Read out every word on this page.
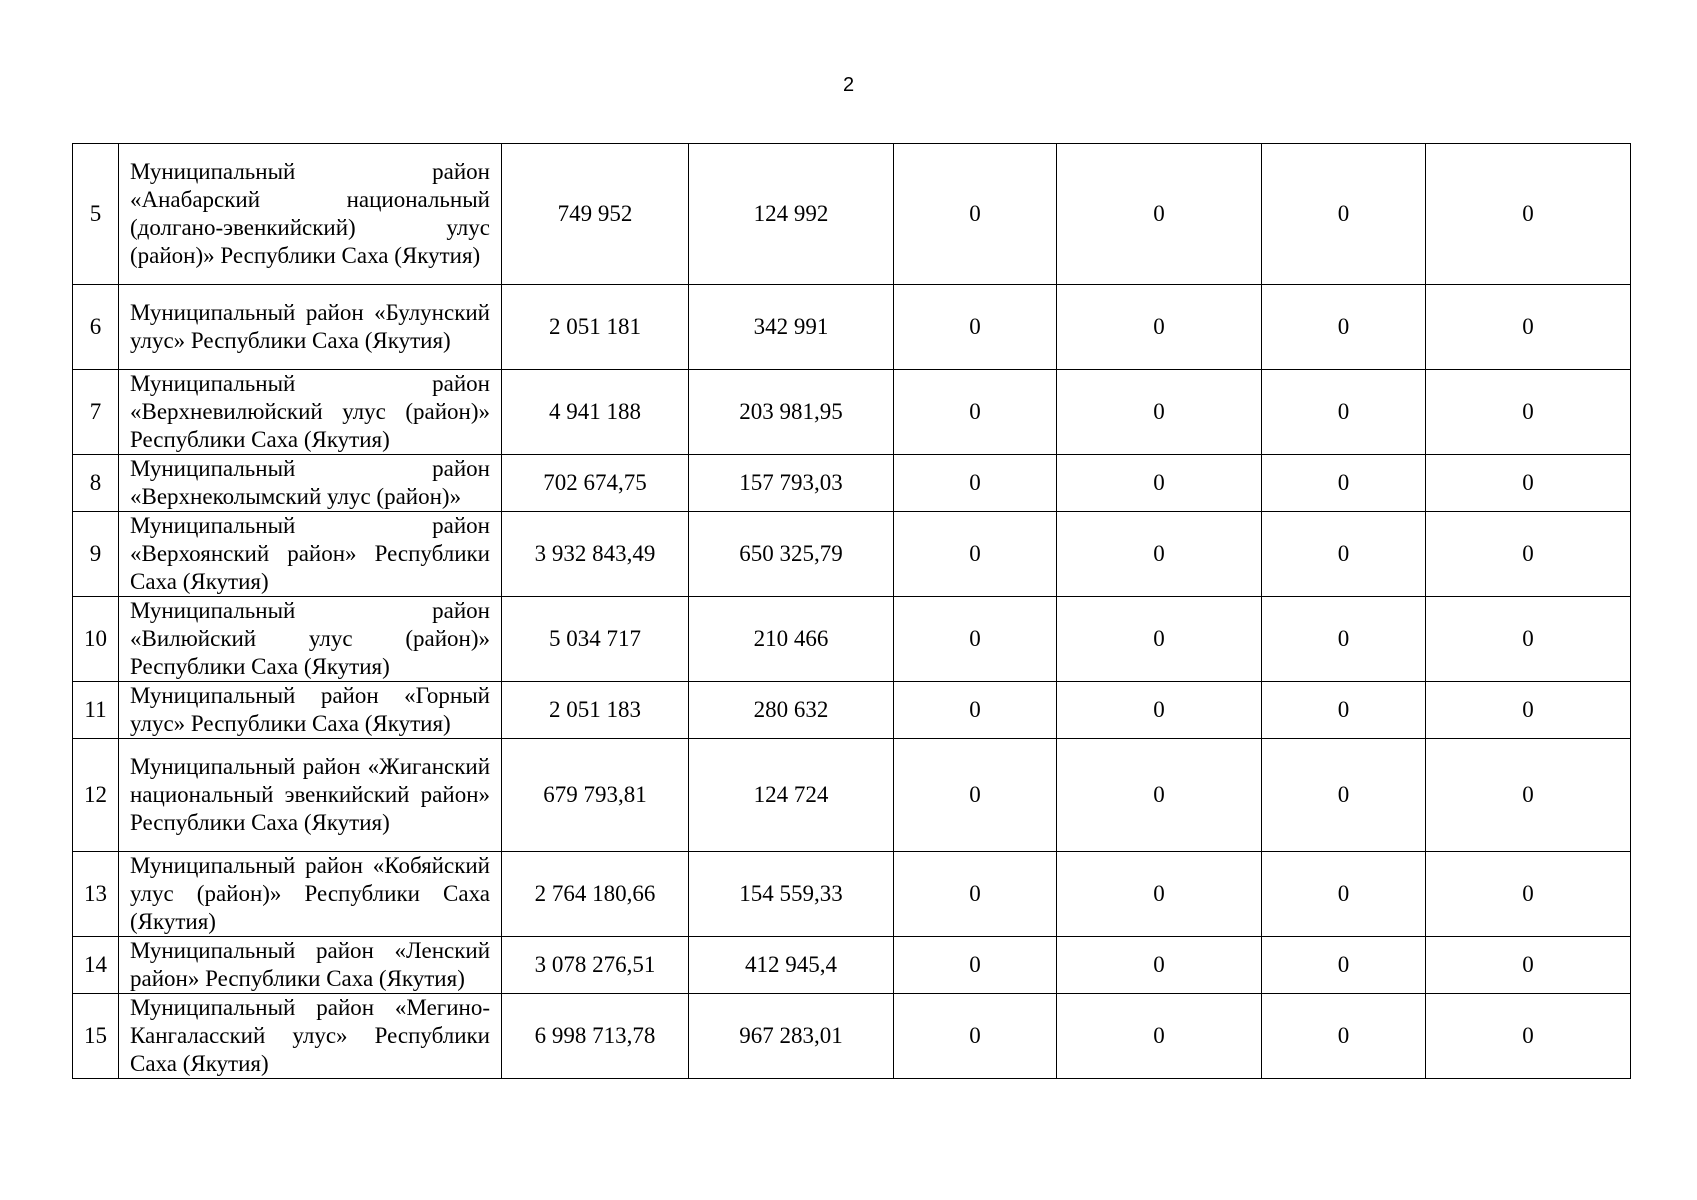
2
5	Муниципальный район «Анабарский национальный (долгано-эвенкийский) улус (район)» Республики Саха (Якутия)	749 952	124 992	0	0	0	0
6	Муниципальный район «Булунский улус» Республики Саха (Якутия)	2 051 181	342 991	0	0	0	0
7	Муниципальный район «Верхневилюйский улус (район)» Республики Саха (Якутия)	4 941 188	203 981,95	0	0	0	0
8	Муниципальный район «Верхнеколымский улус (район)»	702 674,75	157 793,03	0	0	0	0
9	Муниципальный район «Верхоянский район» Республики Саха (Якутия)	3 932 843,49	650 325,79	0	0	0	0
10	Муниципальный район «Вилюйский улус (район)» Республики Саха (Якутия)	5 034 717	210 466	0	0	0	0
11	Муниципальный район «Горный улус» Республики Саха (Якутия)	2 051 183	280 632	0	0	0	0
12	Муниципальный район «Жиганский национальный эвенкийский район» Республики Саха (Якутия)	679 793,81	124 724	0	0	0	0
13	Муниципальный район «Кобяйский улус (район)» Республики Саха (Якутия)	2 764 180,66	154 559,33	0	0	0	0
14	Муниципальный район «Ленский район» Республики Саха (Якутия)	3 078 276,51	412 945,4	0	0	0	0
15	Муниципальный район «Мегино-Кангаласский улус» Республики Саха (Якутия)	6 998 713,78	967 283,01	0	0	0	0
